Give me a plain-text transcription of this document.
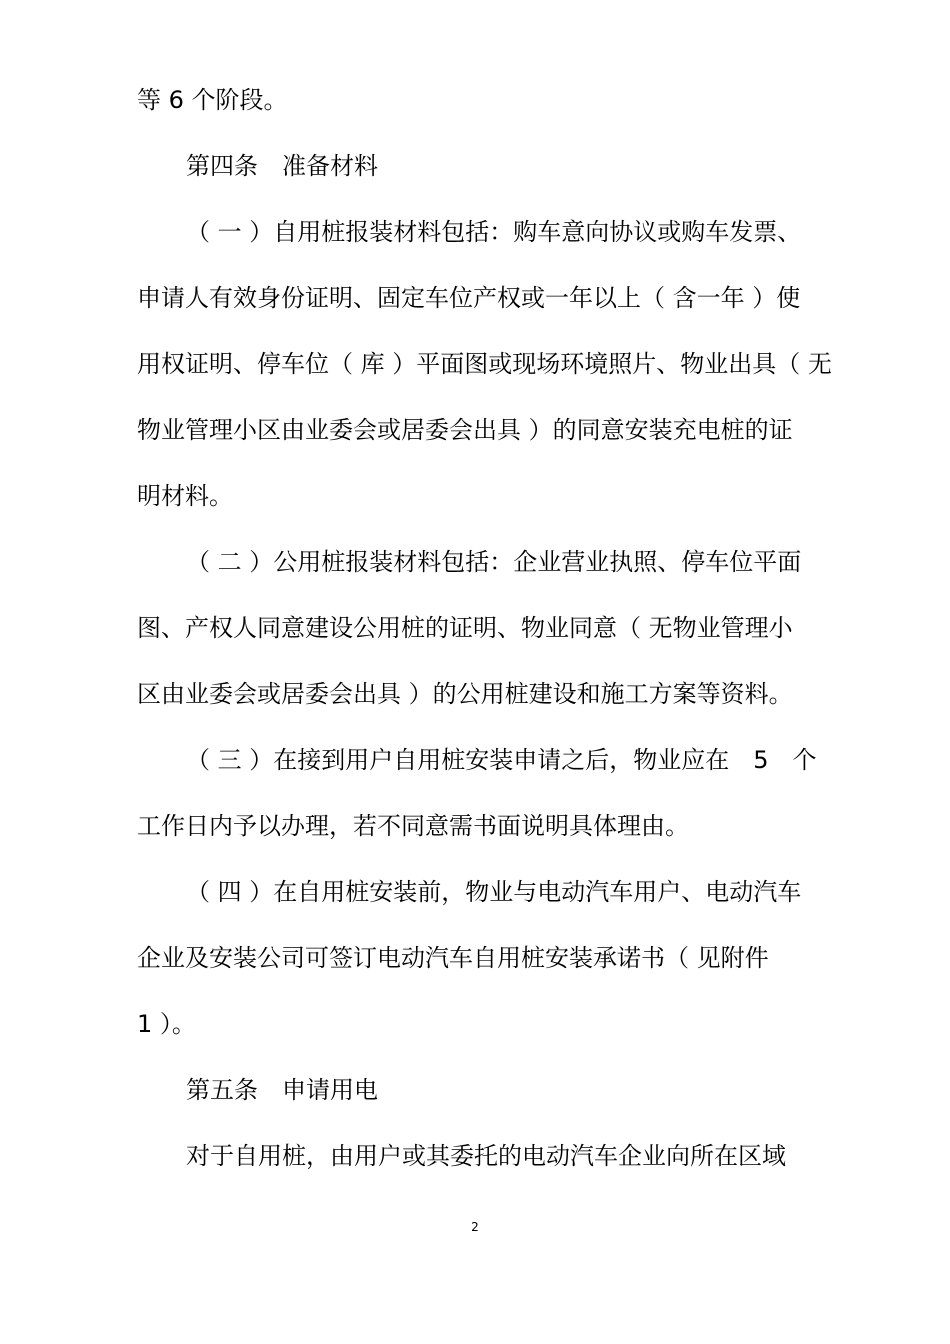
等 6 个阶段。
第四条　准备材料
（ 一 ）自用桩报装材料包括：购车意向协议或购车发票、
申请人有效身份证明、固定车位产权或一年以上（ 含一年 ）使
用权证明、停车位（ 库 ）平面图或现场环境照片、物业出具（ 无
物业管理小区由业委会或居委会出具 ）的同意安装充电桩的证
明材料。
（ 二 ）公用桩报装材料包括：企业营业执照、停车位平面
图、产权人同意建设公用桩的证明、物业同意（ 无物业管理小
区由业委会或居委会出具 ）的公用桩建设和施工方案等资料。
（ 三 ）在接到用户自用桩安装申请之后，物业应在　5　个
工作日内予以办理，若不同意需书面说明具体理由。
（ 四 ）在自用桩安装前，物业与电动汽车用户、电动汽车
企业及安装公司可签订电动汽车自用桩安装承诺书（ 见附件
1 ）。
第五条　申请用电
对于自用桩，由用户或其委托的电动汽车企业向所在区域
2
